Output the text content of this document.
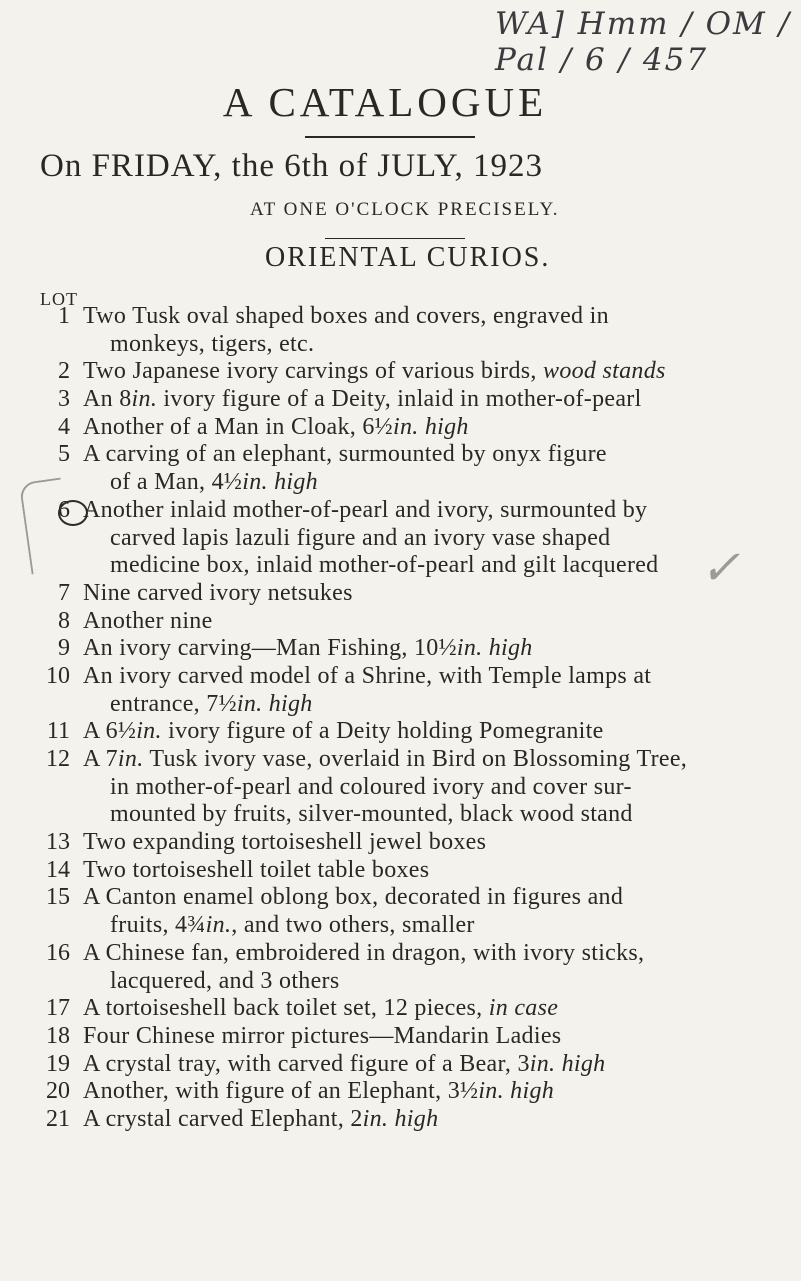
WA] Hmm / OM / Pal / 6 / 457
A CATALOGUE
On FRIDAY, the 6th of JULY, 1923
AT ONE O'CLOCK PRECISELY.
ORIENTAL CURIOS.
LOT
✓
1 Two Tusk oval shaped boxes and covers, engraved in
monkeys, tigers, etc.
2 Two Japanese ivory carvings of various birds, wood stands
3 An 8in. ivory figure of a Deity, inlaid in mother-of-pearl
4 Another of a Man in Cloak, 6½in. high
5 A carving of an elephant, surmounted by onyx figure
of a Man, 4½in. high
6 Another inlaid mother-of-pearl and ivory, surmounted by
carved lapis lazuli figure and an ivory vase shaped
medicine box, inlaid mother-of-pearl and gilt lacquered
7 Nine carved ivory netsukes
8 Another nine
9 An ivory carving—Man Fishing, 10½in. high
10 An ivory carved model of a Shrine, with Temple lamps at
entrance, 7½in. high
11 A 6½in. ivory figure of a Deity holding Pomegranite
12 A 7in. Tusk ivory vase, overlaid in Bird on Blossoming Tree,
in mother-of-pearl and coloured ivory and cover sur-
mounted by fruits, silver-mounted, black wood stand
13 Two expanding tortoiseshell jewel boxes
14 Two tortoiseshell toilet table boxes
15 A Canton enamel oblong box, decorated in figures and
fruits, 4¾in., and two others, smaller
16 A Chinese fan, embroidered in dragon, with ivory sticks,
lacquered, and 3 others
17 A tortoiseshell back toilet set, 12 pieces, in case
18 Four Chinese mirror pictures—Mandarin Ladies
19 A crystal tray, with carved figure of a Bear, 3in. high
20 Another, with figure of an Elephant, 3½in. high
21 A crystal carved Elephant, 2in. high
